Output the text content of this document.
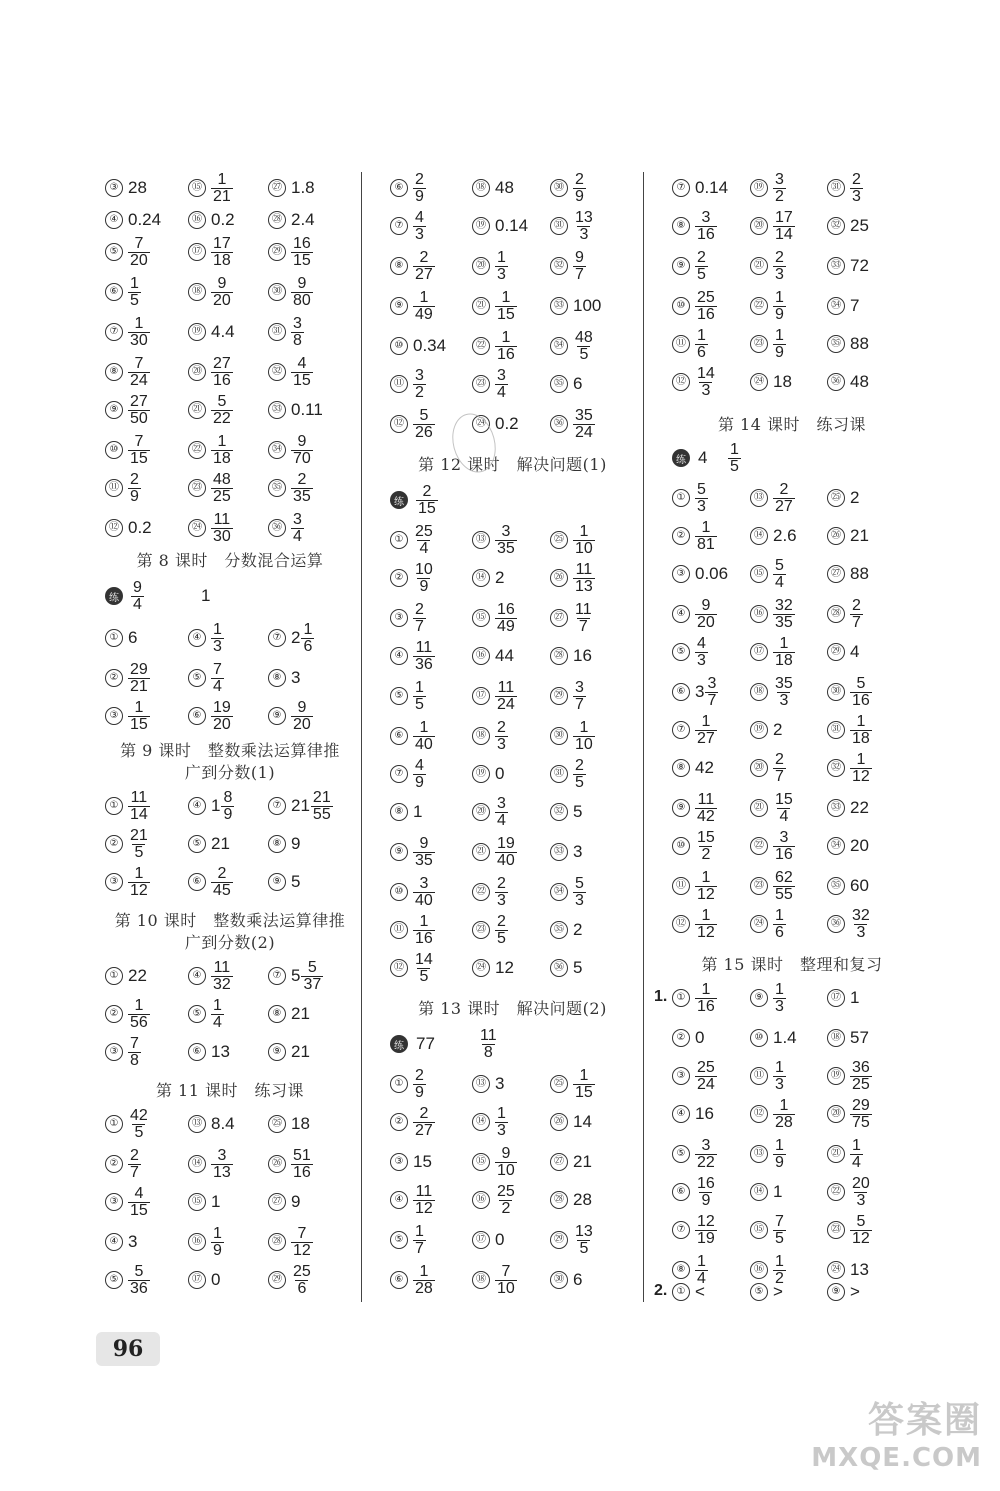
③ 28	⑮ $\frac{1}{21}$	㉗ 1.8
④ 0.24	⑯ 0.2	㉘ 2.4
⑤ $\frac{7}{20}$	⑰ $\frac{17}{18}$	㉙ $\frac{16}{15}$
⑥ $\frac{1}{5}$	⑱ $\frac{9}{20}$	㉚ $\frac{9}{80}$
⑦ $\frac{1}{30}$	⑲ 4.4	㉛ $\frac{3}{8}$
⑧ $\frac{7}{24}$	⑳ $\frac{27}{16}$	㉜ $\frac{4}{15}$
⑨ $\frac{27}{50}$	㉑ $\frac{5}{22}$	㉝ 0.11
⑩ $\frac{7}{15}$	㉒ $\frac{1}{18}$	㉞ $\frac{9}{70}$
⑪ $\frac{2}{9}$	㉓ $\frac{48}{25}$	㉟ $\frac{2}{35}$
⑫ 0.2	㉔ $\frac{11}{30}$	㊱ $\frac{3}{4}$
第 8 课时　分数混合运算
练 $\frac{9}{4}$	1
① 6	④ $\frac{1}{3}$	⑦ $2 \frac{1}{6}$
② $\frac{29}{21}$	⑤ $\frac{7}{4}$	⑧ 3
③ $\frac{1}{15}$	⑥ $\frac{19}{20}$	⑨ $\frac{9}{20}$
第 9 课时　整数乘法运算律推
广到分数(1)
① $\frac{11}{14}$	④ $1 \frac{8}{9}$	⑦ $21 \frac{21}{55}$
② $\frac{21}{5}$	⑤ 21	⑧ 9
③ $\frac{1}{12}$	⑥ $\frac{2}{45}$	⑨ 5
第 10 课时　整数乘法运算律推
广到分数(2)
① 22	④ $\frac{11}{32}$	⑦ $5 \frac{5}{37}$
② $\frac{1}{56}$	⑤ $\frac{1}{4}$	⑧ 21
③ $\frac{7}{8}$	⑥ 13	⑨ 21
第 11 课时　练习课
① $\frac{42}{5}$	⑬ 8.4	㉕ 18
② $\frac{2}{7}$	⑭ $\frac{3}{13}$	㉖ $\frac{51}{16}$
③ $\frac{4}{15}$	⑮ 1	㉗ 9
④ 3	⑯ $\frac{1}{9}$	㉘ $\frac{7}{12}$
⑤ $\frac{5}{36}$	⑰ 0	㉙ $\frac{25}{6}$
⑥ $\frac{2}{9}$	⑱ 48	㉚ $\frac{2}{9}$
⑦ $\frac{4}{3}$	⑲ 0.14	㉛ $\frac{13}{3}$
⑧ $\frac{2}{27}$	⑳ $\frac{1}{3}$	㉜ $\frac{9}{7}$
⑨ $\frac{1}{49}$	㉑ $\frac{1}{15}$	㉝ 100
⑩ 0.34	㉒ $\frac{1}{16}$	㉞ $\frac{48}{5}$
⑪ $\frac{3}{2}$	㉓ $\frac{3}{4}$	㉟ 6
⑫ $\frac{5}{26}$	㉔ 0.2	㊱ $\frac{35}{24}$
第 12 课时　解决问题(1)
练 $\frac{2}{15}$
① $\frac{25}{4}$	⑬ $\frac{3}{35}$	㉕ $\frac{1}{10}$
② $\frac{10}{9}$	⑭ 2	㉖ $\frac{11}{13}$
③ $\frac{2}{7}$	⑮ $\frac{16}{49}$	㉗ $\frac{11}{7}$
④ $\frac{11}{36}$	⑯ 44	㉘ 16
⑤ $\frac{1}{5}$	⑰ $\frac{11}{24}$	㉙ $\frac{3}{7}$
⑥ $\frac{1}{40}$	⑱ $\frac{2}{3}$	㉚ $\frac{1}{10}$
⑦ $\frac{4}{9}$	⑲ 0	㉛ $\frac{2}{5}$
⑧ 1	⑳ $\frac{3}{4}$	㉜ 5
⑨ $\frac{9}{35}$	㉑ $\frac{19}{40}$	㉝ 3
⑩ $\frac{3}{40}$	㉒ $\frac{2}{3}$	㉞ $\frac{5}{3}$
⑪ $\frac{1}{16}$	㉓ $\frac{2}{5}$	㉟ 2
⑫ $\frac{14}{5}$	㉔ 12	㊱ 5
第 13 课时　解决问题(2)
练 77	$\frac{11}{8}$
① $\frac{2}{9}$	⑬ 3	㉕ $\frac{1}{15}$
② $\frac{2}{27}$	⑭ $\frac{1}{3}$	㉖ 14
③ 15	⑮ $\frac{9}{10}$	㉗ 21
④ $\frac{11}{12}$	⑯ $\frac{25}{2}$	㉘ 28
⑤ $\frac{1}{7}$	⑰ 0	㉙ $\frac{13}{5}$
⑥ $\frac{1}{28}$	⑱ $\frac{7}{10}$	㉚ 6
⑦ 0.14	⑲ $\frac{3}{2}$	㉛ $\frac{2}{3}$
⑧ $\frac{3}{16}$	⑳ $\frac{17}{14}$	㉜ 25
⑨ $\frac{2}{5}$	㉑ $\frac{2}{3}$	㉝ 72
⑩ $\frac{25}{16}$	㉒ $\frac{1}{9}$	㉞ 7
⑪ $\frac{1}{6}$	㉓ $\frac{1}{9}$	㉟ 88
⑫ $\frac{14}{3}$	㉔ 18	㊱ 48
第 14 课时　练习课
练 $4 \frac{1}{5}$
① $\frac{5}{3}$	⑬ $\frac{2}{27}$	㉕ 2
② $\frac{1}{81}$	⑭ 2.6	㉖ 21
③ 0.06	⑮ $\frac{5}{4}$	㉗ 88
④ $\frac{9}{20}$	⑯ $\frac{32}{35}$	㉘ $\frac{2}{7}$
⑤ $\frac{4}{3}$	⑰ $\frac{1}{18}$	㉙ 4
⑥ $3 \frac{3}{7}$	⑱ $\frac{35}{3}$	㉚ $\frac{5}{16}$
⑦ $\frac{1}{27}$	⑲ 2	㉛ $\frac{1}{18}$
⑧ 42	⑳ $\frac{2}{7}$	㉜ $\frac{1}{12}$
⑨ $\frac{11}{42}$	㉑ $\frac{15}{4}$	㉝ 22
⑩ $\frac{15}{2}$	㉒ $\frac{3}{16}$	㉞ 20
⑪ $\frac{1}{12}$	㉓ $\frac{62}{55}$	㉟ 60
⑫ $\frac{1}{12}$	㉔ $\frac{1}{6}$	㊱ $\frac{32}{3}$
第 15 课时　整理和复习
1. ① $\frac{1}{16}$	⑨ $\frac{1}{3}$	⑰ 1
② 0	⑩ 1.4	⑱ 57
③ $\frac{25}{24}$	⑪ $\frac{1}{3}$	⑲ $\frac{36}{25}$
④ 16	⑫ $\frac{1}{28}$	⑳ $\frac{29}{75}$
⑤ $\frac{3}{22}$	⑬ $\frac{1}{9}$	㉑ $\frac{1}{4}$
⑥ $\frac{16}{9}$	⑭ 1	㉒ $\frac{20}{3}$
⑦ $\frac{12}{19}$	⑮ $\frac{7}{5}$	㉓ $\frac{5}{12}$
⑧ $\frac{1}{4}$	⑯ $\frac{1}{2}$	㉔ 13
2. ① <	⑤ >	⑨ >
96
答案圈
MXQE.COM
